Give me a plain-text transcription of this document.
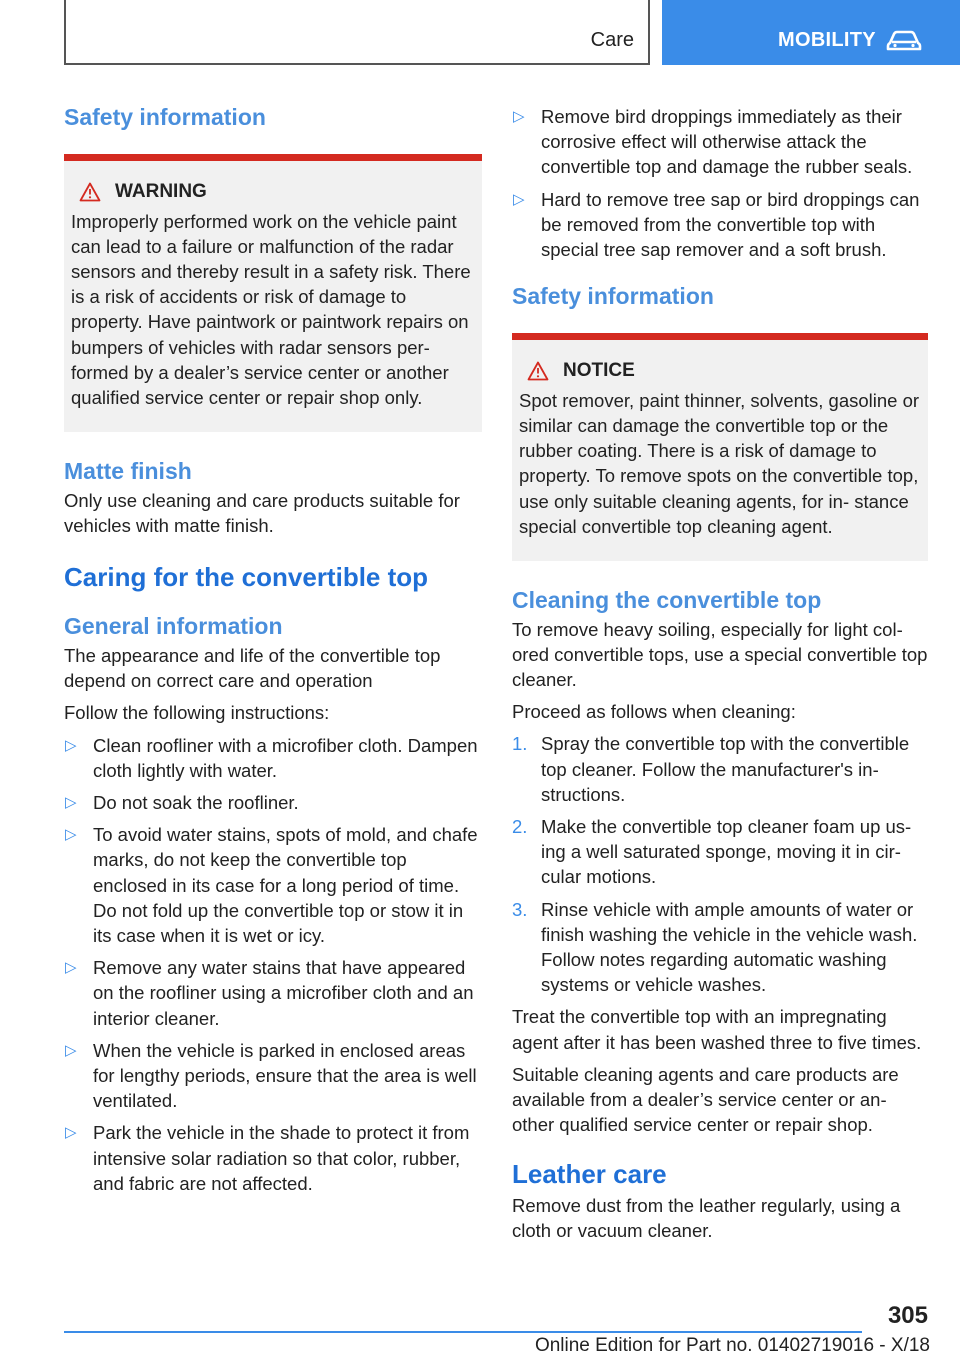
Care	MOBILITY
Safety information
WARNING
Improperly performed work on the vehicle paint can lead to a failure or malfunction of the radar sensors and thereby result in a safety risk. There is a risk of accidents or risk of damage to property. Have paintwork or paintwork repairs on bumpers of vehicles with radar sensors per‐ formed by a dealer’s service center or another qualified service center or repair shop only.
Matte finish

Only use cleaning and care products suitable for vehicles with matte finish.

Caring for the convertible top
General information

The appearance and life of the convertible top depend on correct care and operation

Follow the following instructions:

▷ Clean roofliner with a microfiber cloth. Dampen cloth lightly with water.
▷ Do not soak the roofliner.
▷ To avoid water stains, spots of mold, and chafe marks, do not keep the convertible top enclosed in its case for a long period of time. Do not fold up the convertible top or stow it in its case when it is wet or icy.
▷ Remove any water stains that have appeared on the roofliner using a microfiber cloth and an interior cleaner.
▷ When the vehicle is parked in enclosed areas for lengthy periods, ensure that the area is well ventilated.
▷ Park the vehicle in the shade to protect it from intensive solar radiation so that color, rubber, and fabric are not affected.
▷ Remove bird droppings immediately as their corrosive effect will otherwise attack the convertible top and damage the rubber seals.
▷ Hard to remove tree sap or bird droppings can be removed from the convertible top with special tree sap remover and a soft brush.
Safety information
NOTICE
Spot remover, paint thinner, solvents, gasoline or similar can damage the convertible top or the rubber coating. There is a risk of damage to property. To remove spots on the convertible top, use only suitable cleaning agents, for in‐ stance special convertible top cleaning agent.
Cleaning the convertible top

To remove heavy soiling, especially for light col‐ ored convertible tops, use a special convertible top cleaner.

Proceed as follows when cleaning:

1. Spray the convertible top with the convertible top cleaner. Follow the manufacturer's in‐ structions.
2. Make the convertible top cleaner foam up us‐ ing a well saturated sponge, moving it in cir‐ cular motions.
3. Rinse vehicle with ample amounts of water or finish washing the vehicle in the vehicle wash. Follow notes regarding automatic washing systems or vehicle washes.

Treat the convertible top with an impregnating agent after it has been washed three to five times.

Suitable cleaning agents and care products are available from a dealer’s service center or an‐ other qualified service center or repair shop.

Leather care

Remove dust from the leather regularly, using a cloth or vacuum cleaner.

305
Online Edition for Part no. 01402719016 - X/18
